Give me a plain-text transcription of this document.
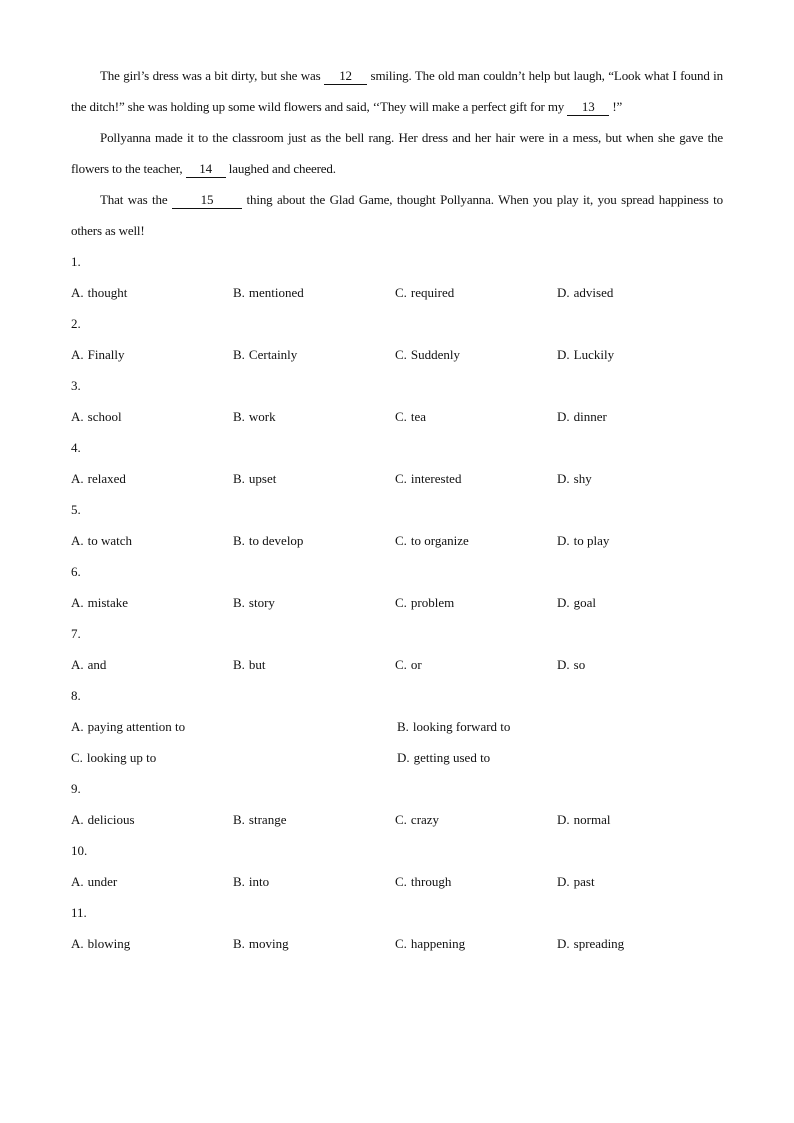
The girl’s dress was a bit dirty, but she was 12 smiling. The old man couldn’t help but laugh, “Look what I found in the ditch!” she was holding up some wild flowers and said, ‘‘They will make a perfect gift for my 13 !”

Pollyanna made it to the classroom just as the bell rang. Her dress and her hair were in a mess, but when she gave the flowers to the teacher, 14 laughed and cheered.

That was the 15 thing about the Glad Game, thought Pollyanna. When you play it, you spread happiness to others as well!

1.
A. thought	B. mentioned	C. required	D. advised
2.
A. Finally	B. Certainly	C. Suddenly	D. Luckily
3.
A. school	B. work	C. tea	D. dinner
4.
A. relaxed	B. upset	C. interested	D. shy
5.
A. to watch	B. to develop	C. to organize	D. to play
6.
A. mistake	B. story	C. problem	D. goal
7.
A. and	B. but	C. or	D. so
8.
A. paying attention to	B. looking forward to
C. looking up to	D. getting used to
9.
A. delicious	B. strange	C. crazy	D. normal
10.
A. under	B. into	C. through	D. past
11.
A. blowing	B. moving	C. happening	D. spreading
